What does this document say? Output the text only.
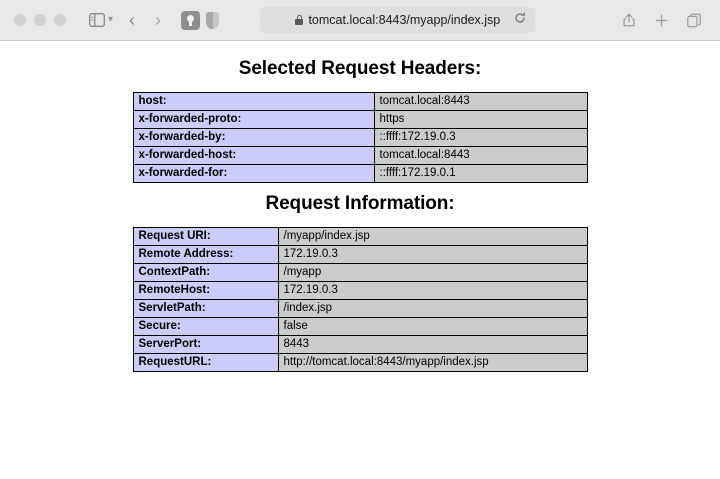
▾ ‹	›	tomcat.local:8443/myapp/index.jsp
Selected Request Headers:
host:	tomcat.local:8443
x-forwarded-proto:	https
x-forwarded-by:	::ffff:172.19.0.3
x-forwarded-host:	tomcat.local:8443
x-forwarded-for:	::ffff:172.19.0.1
Request Information:
Request URI:	/myapp/index.jsp
Remote Address:	172.19.0.3
ContextPath:	/myapp
RemoteHost:	172.19.0.3
ServletPath:	/index.jsp
Secure:	false
ServerPort:	8443
RequestURL:	http://tomcat.local:8443/myapp/index.jsp
